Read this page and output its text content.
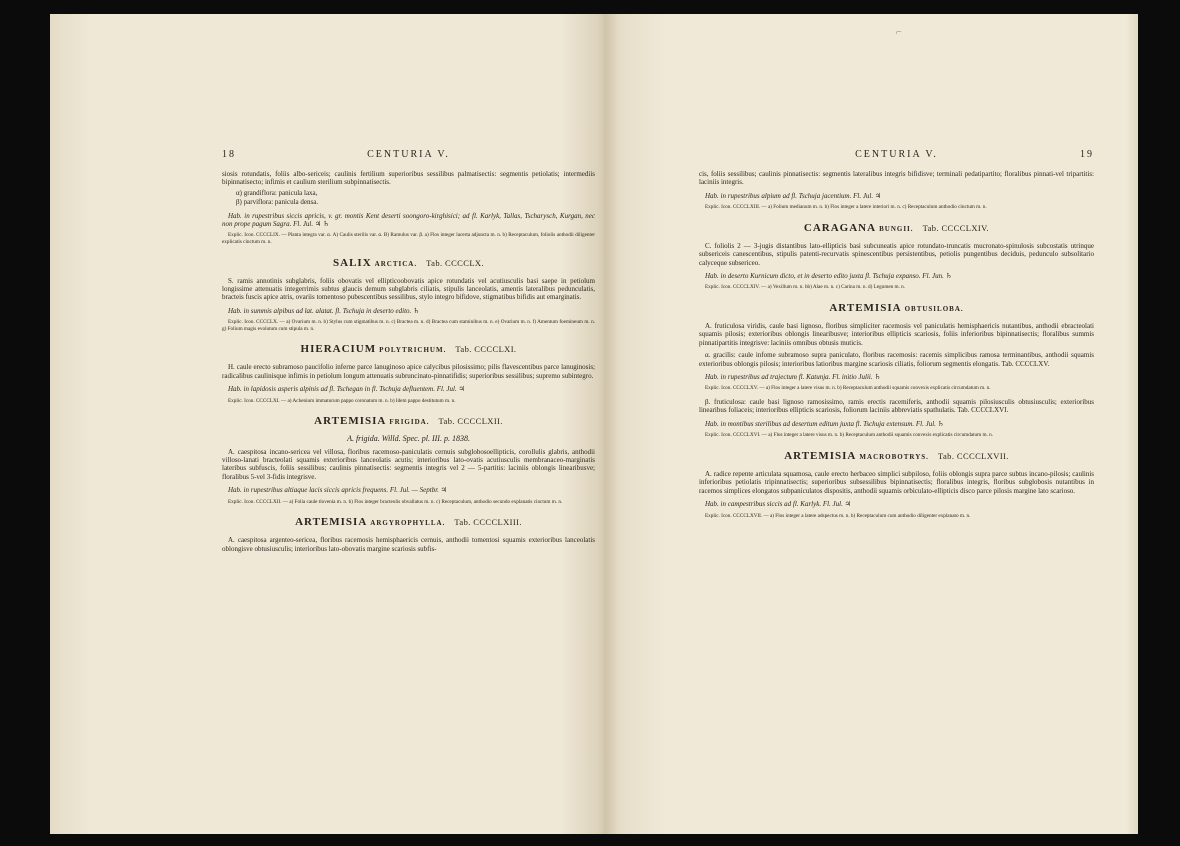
18	CENTURIA V.

siosis rotundatis, foliis albo-sericeis; caulinis fertilium superioribus sessilibus palmatisectis: segmentis petiolatis; intermediis bipinnatisecto; infimis et caulium sterilium subpinnatisectis.

α) grandiflora: panicula laxa,

β) parviflora: panicula densa.

Hab. in rupestribus siccis apricis, v. gr. montis Kent deserti soongoro-kirghisici; ad fl. Karlyk, Tallas, Tscharysch, Kurgan, nec non prope pagum Sagra. Fl. Jul. ♃ ♄
Explic. Icon. CCCCLIX. — Planta integra var. α. A) Caulis sterilis var. α. B) Ramulus var. β. a) Flos integer lacerta adjuncta m. n. b) Receptaculum, foliolis anthodii diligenter explicatis cinctum m. n.
SALIX ARCTICA. Tab. CCCCLX.

S. ramis annotinis subglabris, foliis obovatis vel ellipticoobovatis apice rotundatis vel acutiusculis basi saepe in petiolum longissime attenuatis integerrimis subtus glaucis demum subglabris ciliatis, stipulis lanceolatis, amentis lateralibus pedunculatis, bracteis fuscis apice atris, ovariis tomentoso pubescentibus sessilibus, stylo integro bifidove, stigmatibus bifidis aut emarginatis.

Hab. in summis alpibus ad lat. alatat. fl. Tschuja in deserto edito. ♄
Explic. Icon. CCCCLX. — a) Ovarium m. n. b) Stylus cum stigmatibus m. n. c) Bractea m. n. d) Bractea cum staminibus m. n. e) Ovarium m. n. f) Amentum foemineum m. n. g) Folium magis evolutum cum stipula m. n.
HIERACIUM POLYTRICHUM. Tab. CCCCLXI.

H. caule erecto subramoso paucifolio inferne parce lanuginoso apice calycibus pilosissimo; pilis flavescentibus parce lanuginosis; radicalibus caulinisque infimis in petiolum longum attenuatis subruncinato-pinnatifidis; superioribus sessilibus; supremo subintegro.

Hab. in lapidosis asperis alpinis ad fl. Tschegan in fl. Tschuja defluentem. Fl. Jul. ♃
Explic. Icon. CCCCLXI. — a) Achenium immaturum pappo coronatum m. n. b) Idem pappo destitutum m. n.
ARTEMISIA FRIGIDA. Tab. CCCCLXII.
A. frigida. Willd. Spec. pl. III. p. 1838.

A. caespitosa incano-sericea vel villosa, floribus racemoso-paniculatis cernuis subglobosoellipticis, corollulis glabris, anthodii villoso-lanati bracteolati squamis exterioribus lanceolatis acutis; interioribus lato-ovatis acutiusculis membranaceo-marginatis lateribus subfuscis, foliis sessilibus; caulinis pinnatisectis: segmentis integris vel 2 — 5-partitis: laciniis oblongis linearibusve; floralibus 5-vel 3-fidis integrisve.

Hab. in rupestribus altiaque lacis siccis apricis frequens. Fl. Jul. — Septbr. ♃
Explic. Icon. CCCCLXII. — a) Folia caule tlovenia m. n. b) Flos integer bracteolis obvallatus m. n. c) Receptaculum, anthodio secundo explanatis cinctum m. n.
ARTEMISIA ARGYROPHYLLA. Tab. CCCCLXIII.

A. caespitosa argenteo-sericea, floribus racemosis hemisphaericis cernuis, anthodii tomentosi squamis exterioribus lanceolatis oblongisve obtusiusculis; interioribus lato-obovatis margine scariosis subfis-

⌐
CENTURIA V.	19

cis, foliis sessilibus; caulinis pinnatisectis: segmentis lateralibus integris bifidisve; terminali pedatipartito; floralibus pinnati-vel tripartitis: laciniis integris.

Hab. in rupestribus alpium ad fl. Tschuja jacentium. Fl. Jul. ♃
Explic. Icon. CCCCLXIII. — a) Folium medianum m. n. b) Flos integer a latere interiori m. n. c) Receptaculum anthodio cinctum m. n.
CARAGANA BUNGII. Tab. CCCCLXIV.

C. foliolis 2 — 3-jugis distantibus lato-ellipticis basi subcuneatis apice rotundato-truncatis mucronato-spinulosis subcostatis utrinque subsericeis canescentibus, stipulis patenti-recurvatis spinescentibus persistentibus, petiolis pungentibus deciduis, pedunculo subsolitario calyceque subsericeo.

Hab. in deserto Kurnicum dicto, et in deserto edito juxta fl. Tschuja expanso. Fl. Jun. ♄
Explic. Icon. CCCCLXIV. — a) Vexillum m. n. bb) Alae m. n. c) Carina m. n. d) Legumen m. n.
ARTEMISIA OBTUSILOBA.

A. fruticulosa viridis, caule basi lignoso, floribus simpliciter racemosis vel paniculatis hemisphaericis nutantibus, anthodii ebracteolati squamis pilosis; exterioribus oblongis linearibusve; interioribus ellipticis scariosis, foliis inferioribus bipinnatisectis; floralibus summis pinnatipartitis integrisve: laciniis omnibus obtusis muticis.

α. gracilis: caule infome subramoso supra paniculato, floribus racemosis: racemis simplicibus ramosa terminantibus, anthodii squamis exterioribus oblongis pilosis; interioribus latioribus margine scariosis ciliatis, foliorum segmentis elongatis. Tab. CCCCLXV.

Hab. in rupestribus ad trajectum fl. Katunja. Fl. initio Julii. ♄
Explic. Icon. CCCCLXV. — a) Flos integer a latere visus m. n. b) Receptaculum anthodii squamis convexis explicatis circumdatum m. n.

β. fruticulosa: caule basi lignoso ramosissimo, ramis erectis racemiferis, anthodii squamis pilosiusculis obtusiusculis; exterioribus linearibus foliaceis; interioribus ellipticis scariosis, foliorum laciniis abbreviatis spathulatis. Tab. CCCCLXVI.

Hab. in montibus sterilibus ad desertum editum juxta fl. Tschuja extensum. Fl. Jul. ♄
Explic. Icon. CCCCLXVI. — a) Flos integer a latere visus m. n. b) Receptaculum anthodii squamis convexis explicatis circumdatum m. n.
ARTEMISIA MACROBOTRYS. Tab. CCCCLXVII.

A. radice repente articulata squamosa, caule erecto herbaceo simplici subpiloso, foliis oblongis supra parce subtus incano-pilosis; caulinis inferioribus petiolatis tripinnatisectis; superioribus subsessilibus bipinnatisectis; floralibus integris, floribus subglobosis nutantibus in racemos simplices elongatos subpaniculatos dispositis, anthodii squamis orbiculato-ellipticis disco parce pilosis margine lato scarioso.

Hab. in campestribus siccis ad fl. Karlyk. Fl. Jul. ♃
Explic. Icon. CCCCLXVII. — a) Flos integer a latere adspectus m. n. b) Receptaculum cum anthodio diligenter explanato m. n.
